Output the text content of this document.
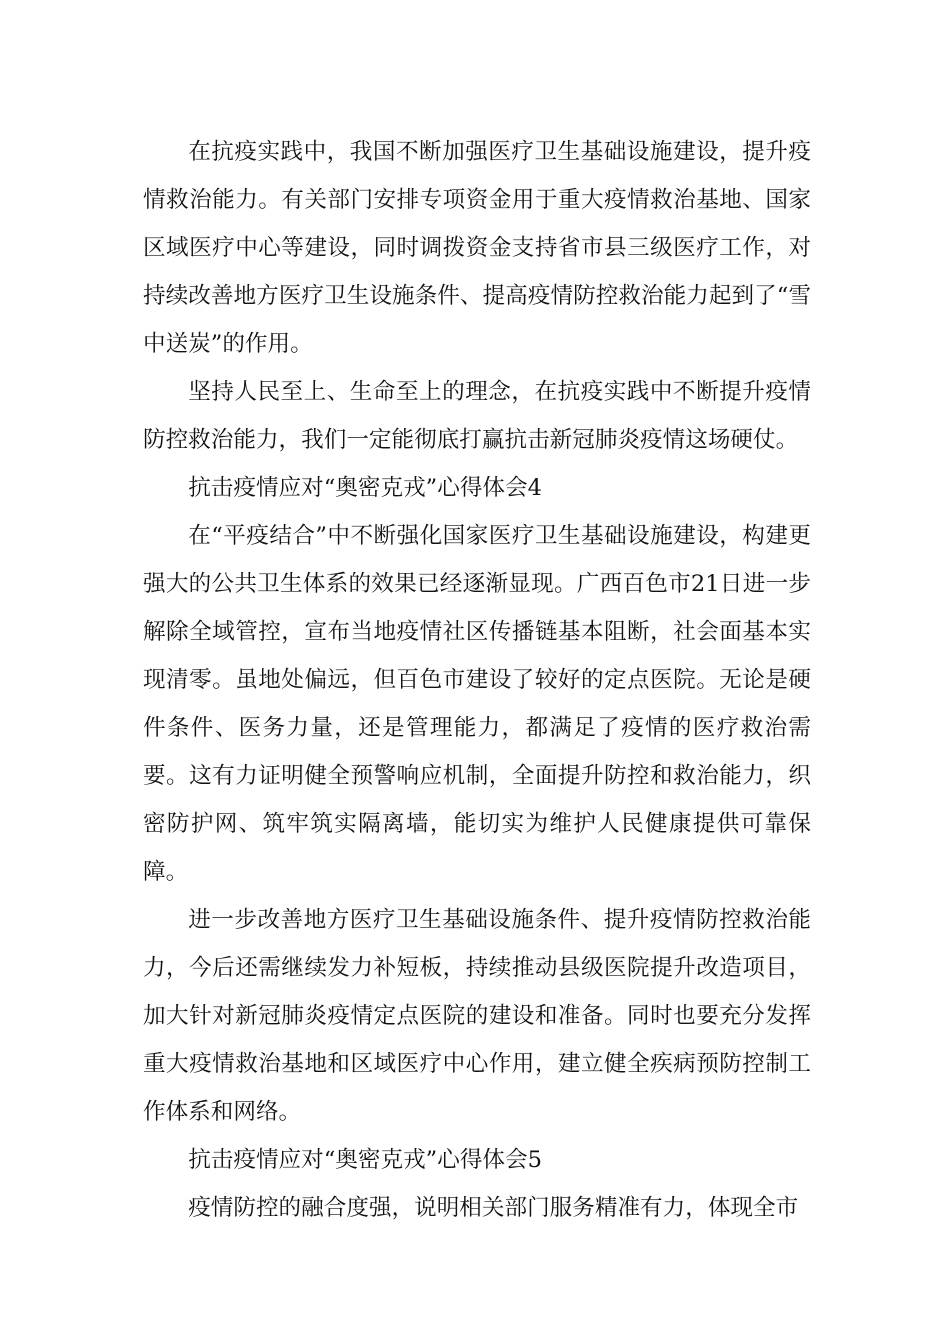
在抗疫实践中，我国不断加强医疗卫生基础设施建设，提升疫情救治能力。有关部门安排专项资金用于重大疫情救治基地、国家区域医疗中心等建设，同时调拨资金支持省市县三级医疗工作，对持续改善地方医疗卫生设施条件、提高疫情防控救治能力起到了“雪中送炭”的作用。

坚持人民至上、生命至上的理念，在抗疫实践中不断提升疫情防控救治能力，我们一定能彻底打赢抗击新冠肺炎疫情这场硬仗。

抗击疫情应对“奥密克戎”心得体会4

在“平疫结合”中不断强化国家医疗卫生基础设施建设，构建更强大的公共卫生体系的效果已经逐渐显现。广西百色市21日进一步解除全域管控，宣布当地疫情社区传播链基本阻断，社会面基本实现清零。虽地处偏远，但百色市建设了较好的定点医院。无论是硬件条件、医务力量，还是管理能力，都满足了疫情的医疗救治需要。这有力证明健全预警响应机制，全面提升防控和救治能力，织密防护网、筑牢筑实隔离墙，能切实为维护人民健康提供可靠保障。

进一步改善地方医疗卫生基础设施条件、提升疫情防控救治能力，今后还需继续发力补短板，持续推动县级医院提升改造项目，加大针对新冠肺炎疫情定点医院的建设和准备。同时也要充分发挥重大疫情救治基地和区域医疗中心作用，建立健全疾病预防控制工作体系和网络。

抗击疫情应对“奥密克戎”心得体会5

疫情防控的融合度强，说明相关部门服务精准有力，体现全市
